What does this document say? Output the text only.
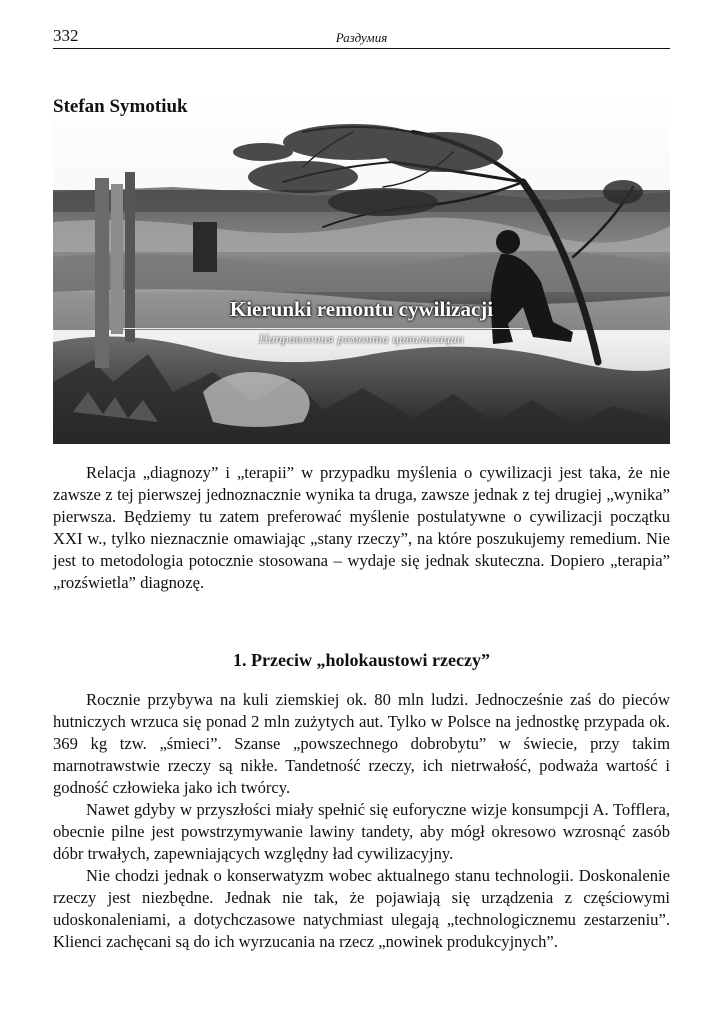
332	Раздумия
Stefan Symotiuk
Kierunki remontu cywilizacji
Направления ремонта цивилизации

Relacja „diagnozy” i „terapii” w przypadku myślenia o cywilizacji jest taka, że nie zawsze z tej pierwszej jednoznacznie wynika ta druga, zawsze jednak z tej drugiej „wynika” pierwsza. Będziemy tu zatem preferować myślenie postulatywne o cywilizacji początku XXI w., tylko nieznacznie omawiając „stany rzeczy”, na które poszukujemy remedium. Nie jest to metodologia potocznie stosowana – wydaje się jednak skuteczna. Dopiero „terapia” „rozświetla” diagnozę.

1. Przeciw „holokaustowi rzeczy”

Rocznie przybywa na kuli ziemskiej ok. 80 mln ludzi. Jednocześnie zaś do pieców hutniczych wrzuca się ponad 2 mln zużytych aut. Tylko w Polsce na jednostkę przypada ok. 369 kg tzw. „śmieci”. Szanse „powszechnego dobrobytu” w świecie, przy takim marnotrawstwie rzeczy są nikłe. Tandetność rzeczy, ich nietrwałość, podważa wartość i godność człowieka jako ich twórcy.

Nawet gdyby w przyszłości miały spełnić się euforyczne wizje konsumpcji A. Tofflera, obecnie pilne jest powstrzymywanie lawiny tandety, aby mógł okresowo wzrosnąć zasób dóbr trwałych, zapewniających względny ład cywilizacyjny.

Nie chodzi jednak o konserwatyzm wobec aktualnego stanu technologii. Doskonalenie rzeczy jest niezbędne. Jednak nie tak, że pojawiają się urządzenia z częściowymi udoskonaleniami, a dotychczasowe natychmiast ulegają „technologicznemu zestarzeniu”. Klienci zachęcani są do ich wyrzucania na rzecz „nowinek produkcyjnych”.
